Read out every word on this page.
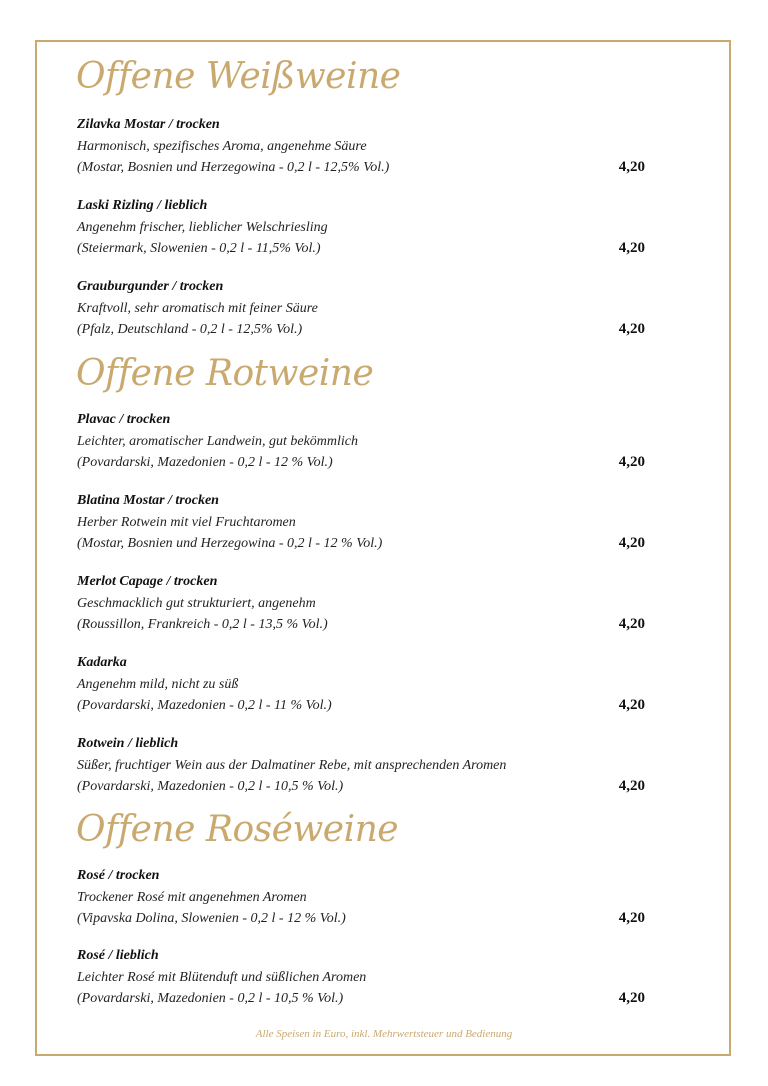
Offene Weißweine
Zilavka Mostar / trocken
Harmonisch, spezifisches Aroma, angenehme Säure
(Mostar, Bosnien und Herzegowina - 0,2 l - 12,5% Vol.)	4,20
Laski Rizling / lieblich
Angenehm frischer, lieblicher Welschriesling
(Steiermark, Slowenien - 0,2 l - 11,5% Vol.)	4,20
Grauburgunder / trocken
Kraftvoll, sehr aromatisch mit feiner Säure
(Pfalz, Deutschland - 0,2 l - 12,5% Vol.)	4,20
Offene Rotweine
Plavac / trocken
Leichter, aromatischer Landwein, gut bekömmlich
(Povardarski, Mazedonien - 0,2 l - 12 % Vol.)	4,20
Blatina Mostar / trocken
Herber Rotwein mit viel Fruchtaromen
(Mostar, Bosnien und Herzegowina - 0,2 l - 12 % Vol.)	4,20
Merlot Capage / trocken
Geschmacklich gut strukturiert, angenehm
(Roussillon, Frankreich - 0,2 l - 13,5 % Vol.)	4,20
Kadarka
Angenehm mild, nicht zu süß
(Povardarski, Mazedonien - 0,2 l - 11 % Vol.)	4,20
Rotwein / lieblich
Süßer, fruchtiger Wein aus der Dalmatiner Rebe, mit ansprechenden Aromen
(Povardarski, Mazedonien - 0,2 l - 10,5 % Vol.)	4,20
Offene Roséweine
Rosé / trocken
Trockener Rosé mit angenehmen Aromen
(Vipavska Dolina, Slowenien - 0,2 l - 12 % Vol.)	4,20
Rosé / lieblich
Leichter Rosé mit Blütenduft und süßlichen Aromen
(Povardarski, Mazedonien - 0,2 l - 10,5 % Vol.)	4,20
Alle Speisen in Euro, inkl. Mehrwertsteuer und Bedienung
